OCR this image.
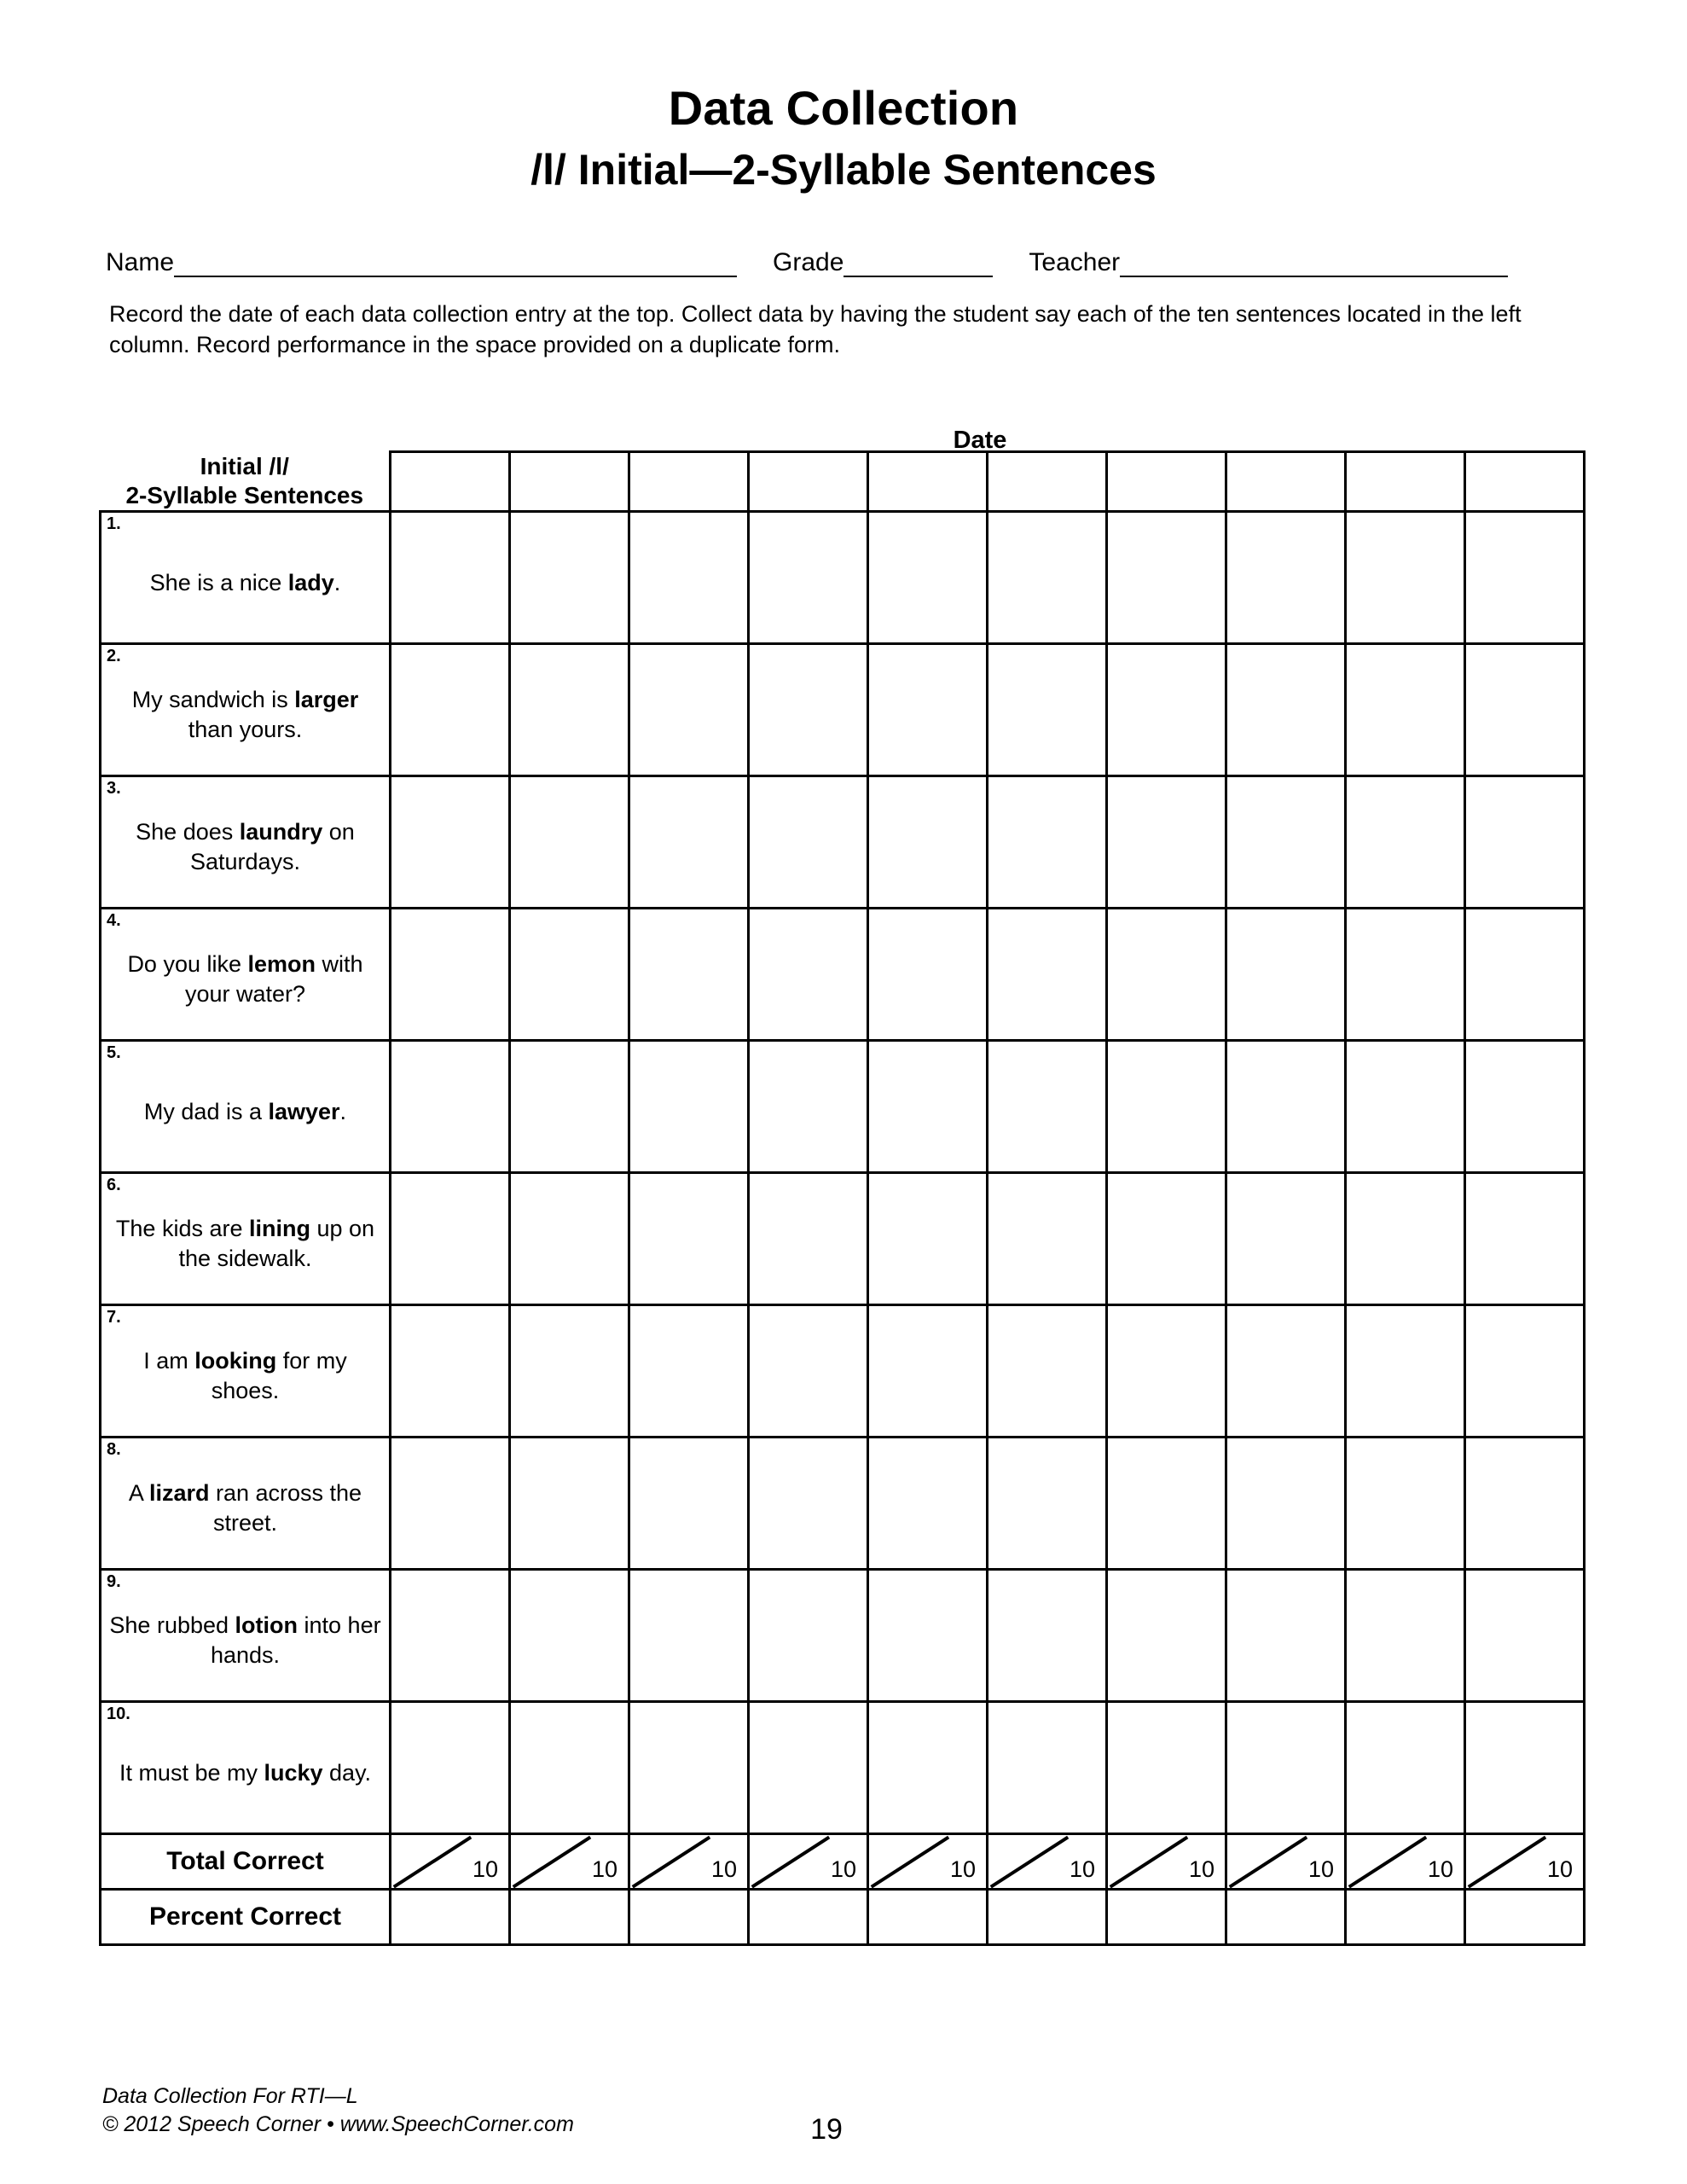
Data Collection
/l/ Initial—2-Syllable Sentences
Name	Grade	Teacher
Record the date of each data collection entry at the top. Collect data by having the student say each of the ten sentences located in the left column. Record performance in the space provided on a duplicate form.
Date
Initial /l/
2-Syllable Sentences										

1.
She is a nice lady.										

2.
My sandwich is larger than yours.										

3.
She does laundry on Saturdays.										

4.
Do you like lemon with your water?										

5.
My dad is a lawyer.										

6.
The kids are lining up on the sidewalk.										

7.
I am looking for my shoes.										

8.
A lizard ran across the street.										

9.
She rubbed lotion into her hands.										

10.
It must be my lucky day.										

Total Correct	10	10	10	10	10	10	10	10	10	10

Percent Correct										
Data Collection For RTI—L
© 2012 Speech Corner • www.SpeechCorner.com	19
